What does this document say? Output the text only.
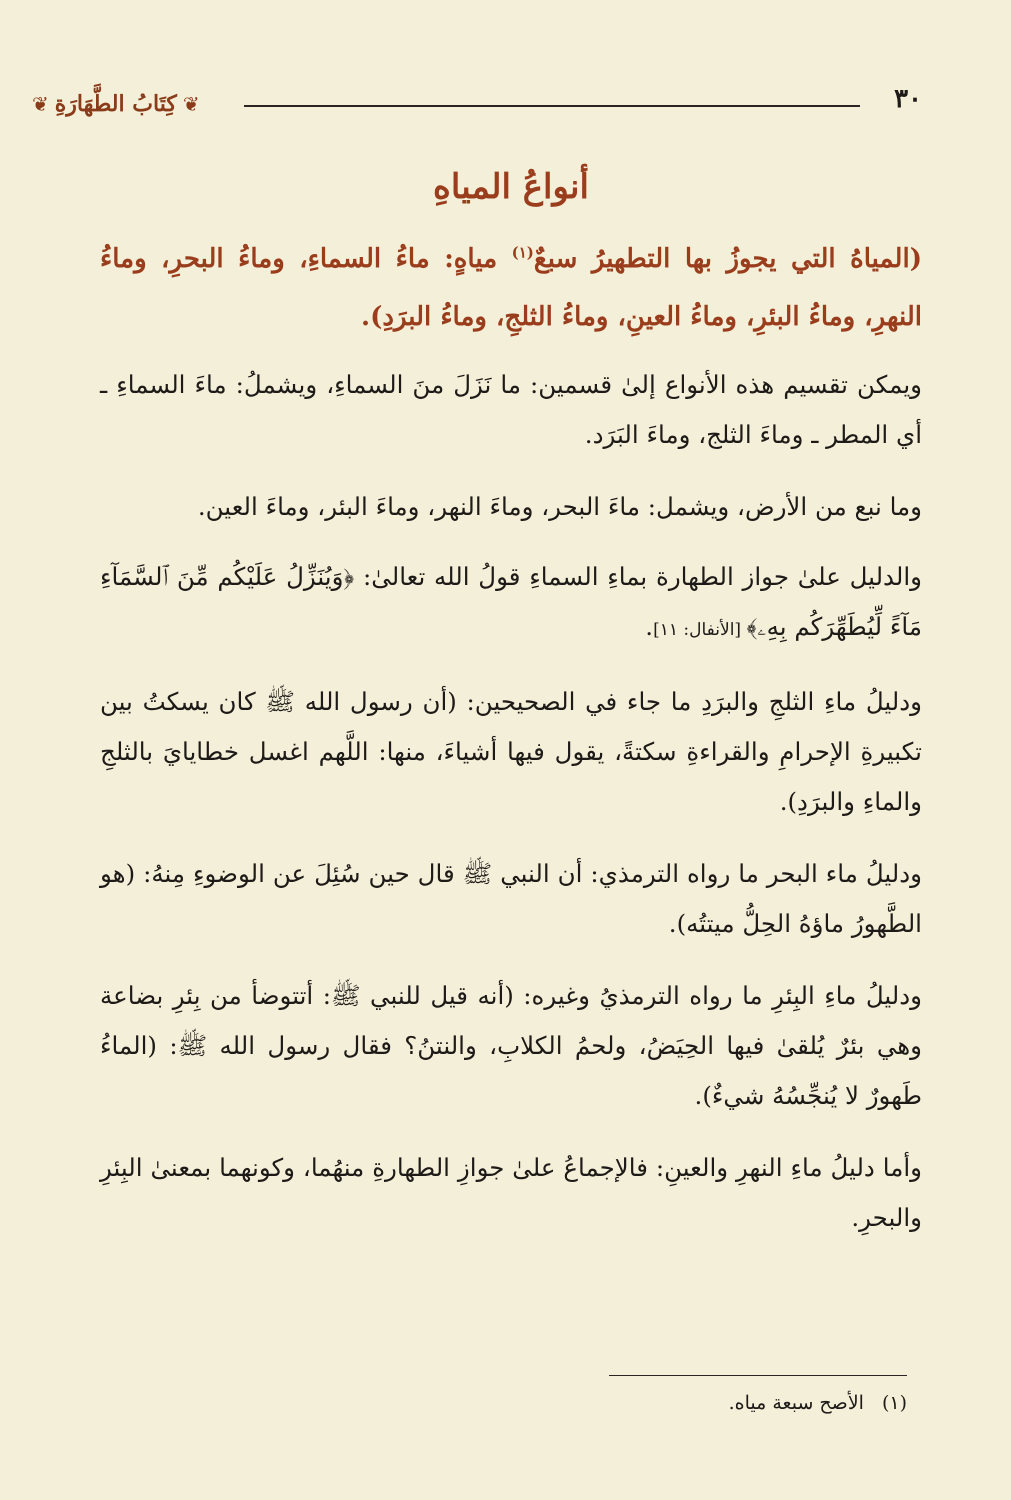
٣٠
❦ كِتَابُ الطَّهَارَةِ ❦
أنواعُ المياهِ

(المياهُ التي يجوزُ بها التطهيرُ سبعٌ$^{(١)}$ مياهٍ: ماءُ السماءِ، وماءُ البحرِ، وماءُ النهرِ، وماءُ البئرِ، وماءُ العينِ، وماءُ الثلجِ، وماءُ البرَدِ).

ويمكن تقسيم هذه الأنواع إلىٰ قسمين: ما نَزَلَ منَ السماءِ، ويشملُ: ماءَ السماءِ ـ أي المطر ـ وماءَ الثلج، وماءَ البَرَد.

وما نبع من الأرض، ويشمل: ماءَ البحر، وماءَ النهر، وماءَ البئر، وماءَ العين.

والدليل علىٰ جواز الطهارة بماءِ السماءِ قولُ الله تعالىٰ: ﴿وَيُنَزِّلُ عَلَيْكُم مِّنَ ٱلسَّمَآءِ مَآءً لِّيُطَهِّرَكُم بِهِۦ﴾ [الأنفال: ١١].

ودليلُ ماءِ الثلجِ والبرَدِ ما جاء في الصحيحين: (أن رسول الله ﷺ كان يسكتُ بين تكبيرةِ الإحرامِ والقراءةِ سكتةً، يقول فيها أشياءَ، منها: اللَّهم اغسل خطايايَ بالثلجِ والماءِ والبرَدِ).

ودليلُ ماء البحر ما رواه الترمذي: أن النبي ﷺ قال حين سُئِلَ عن الوضوءِ مِنهُ: (هو الطَّهورُ ماؤهُ الحِلُّ ميتتُه).

ودليلُ ماءِ البِئرِ ما رواه الترمذيُ وغيره: (أنه قيل للنبي ﷺ: أتتوضأ من بِئرِ بضاعة وهي بئرٌ يُلقىٰ فيها الحِيَضُ، ولحمُ الكلابِ، والنتنُ؟ فقال رسول الله ﷺ: (الماءُ طَهورٌ لا يُنجِّسُهُ شيءٌ).

وأما دليلُ ماءِ النهرِ والعينِ: فالإجماعُ علىٰ جوازِ الطهارةِ منهُما، وكونهما بمعنىٰ البِئرِ والبحرِ.

(١)الأصح سبعة مياه.
